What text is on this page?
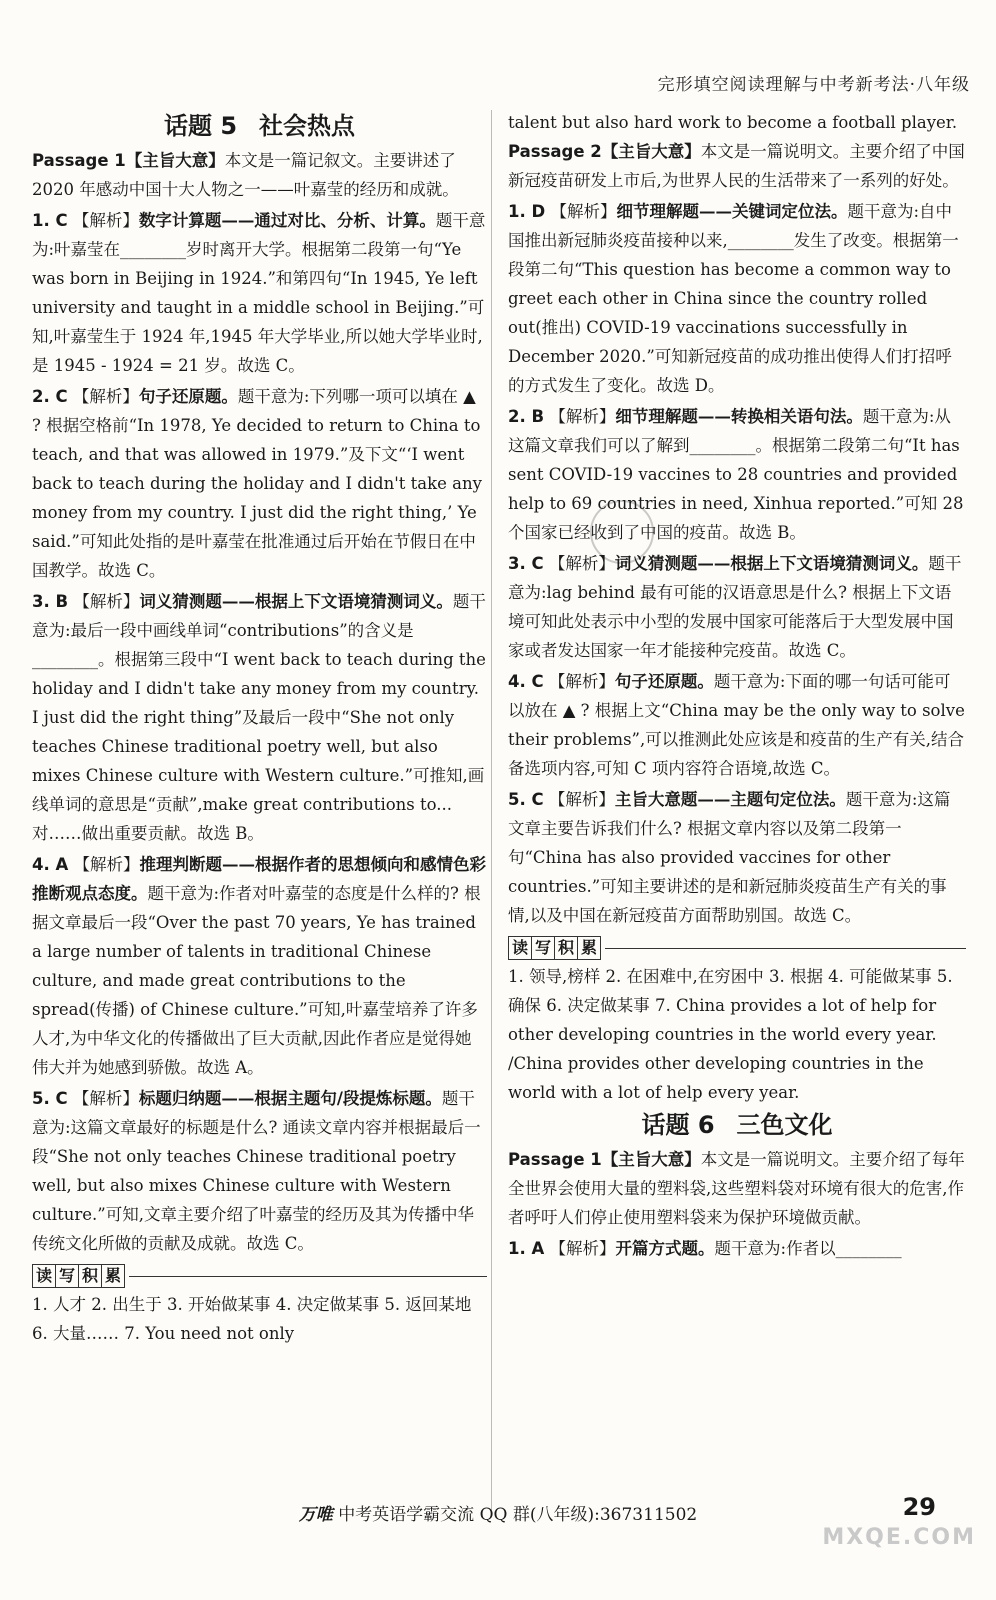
完形填空阅读理解与中考新考法·八年级
话题 5 社会热点

Passage 1【主旨大意】本文是一篇记叙文。主要讲述了 2020 年感动中国十大人物之一——叶嘉莹的经历和成就。

1. C 【解析】数字计算题——通过对比、分析、计算。题干意为:叶嘉莹在________岁时离开大学。根据第二段第一句“Ye was born in Beijing in 1924.”和第四句“In 1945, Ye left university and taught in a middle school in Beijing.”可知,叶嘉莹生于 1924 年,1945 年大学毕业,所以她大学毕业时,是 1945 - 1924 = 21 岁。故选 C。
2. C 【解析】句子还原题。题干意为:下列哪一项可以填在 ▲ ? 根据空格前“In 1978, Ye decided to return to China to teach, and that was allowed in 1979.”及下文“‘I went back to teach during the holiday and I didn't take any money from my country. I just did the right thing,’ Ye said.”可知此处指的是叶嘉莹在批准通过后开始在节假日在中国教学。故选 C。
3. B 【解析】词义猜测题——根据上下文语境猜测词义。题干意为:最后一段中画线单词“contributions”的含义是________。根据第三段中“I went back to teach during the holiday and I didn't take any money from my country. I just did the right thing”及最后一段中“She not only teaches Chinese traditional poetry well, but also mixes Chinese culture with Western culture.”可推知,画线单词的意思是“贡献”,make great contributions to...对……做出重要贡献。故选 B。
4. A 【解析】推理判断题——根据作者的思想倾向和感情色彩推断观点态度。题干意为:作者对叶嘉莹的态度是什么样的? 根据文章最后一段“Over the past 70 years, Ye has trained a large number of talents in traditional Chinese culture, and made great contributions to the spread(传播) of Chinese culture.”可知,叶嘉莹培养了许多人才,为中华文化的传播做出了巨大贡献,因此作者应是觉得她伟大并为她感到骄傲。故选 A。
5. C 【解析】标题归纳题——根据主题句/段提炼标题。题干意为:这篇文章最好的标题是什么? 通读文章内容并根据最后一段“She not only teaches Chinese traditional poetry well, but also mixes Chinese culture with Western culture.”可知,文章主要介绍了叶嘉莹的经历及其为传播中华传统文化所做的贡献及成就。故选 C。
读 写 积 累

1. 人才 2. 出生于 3. 开始做某事 4. 决定做某事 5. 返回某地 6. 大量…… 7. You need not only

talent but also hard work to become a football player.

Passage 2【主旨大意】本文是一篇说明文。主要介绍了中国新冠疫苗研发上市后,为世界人民的生活带来了一系列的好处。

1. D 【解析】细节理解题——关键词定位法。题干意为:自中国推出新冠肺炎疫苗接种以来,________发生了改变。根据第一段第二句“This question has become a common way to greet each other in China since the country rolled out(推出) COVID-19 vaccinations successfully in December 2020.”可知新冠疫苗的成功推出使得人们打招呼的方式发生了变化。故选 D。
2. B 【解析】细节理解题——转换相关语句法。题干意为:从这篇文章我们可以了解到________。根据第二段第二句“It has sent COVID-19 vaccines to 28 countries and provided help to 69 countries in need, Xinhua reported.”可知 28 个国家已经收到了中国的疫苗。故选 B。
3. C 【解析】词义猜测题——根据上下文语境猜测词义。题干意为:lag behind 最有可能的汉语意思是什么? 根据上下文语境可知此处表示中小型的发展中国家可能落后于大型发展中国家或者发达国家一年才能接种完疫苗。故选 C。
4. C 【解析】句子还原题。题干意为:下面的哪一句话可能可以放在 ▲ ? 根据上文“China may be the only way to solve their problems”,可以推测此处应该是和疫苗的生产有关,结合备选项内容,可知 C 项内容符合语境,故选 C。
5. C 【解析】主旨大意题——主题句定位法。题干意为:这篇文章主要告诉我们什么? 根据文章内容以及第二段第一句“China has also provided vaccines for other countries.”可知主要讲述的是和新冠肺炎疫苗生产有关的事情,以及中国在新冠疫苗方面帮助别国。故选 C。
读 写 积 累

1. 领导,榜样 2. 在困难中,在穷困中 3. 根据 4. 可能做某事 5. 确保 6. 决定做某事 7. China provides a lot of help for other developing countries in the world every year. /China provides other developing countries in the world with a lot of help every year.

话题 6 三色文化

Passage 1【主旨大意】本文是一篇说明文。主要介绍了每年全世界会使用大量的塑料袋,这些塑料袋对环境有很大的危害,作者呼吁人们停止使用塑料袋来为保护环境做贡献。

1. A 【解析】开篇方式题。题干意为:作者以________
万唯 中考英语学霸交流 QQ 群(八年级):367311502	29
MXQE.COM
